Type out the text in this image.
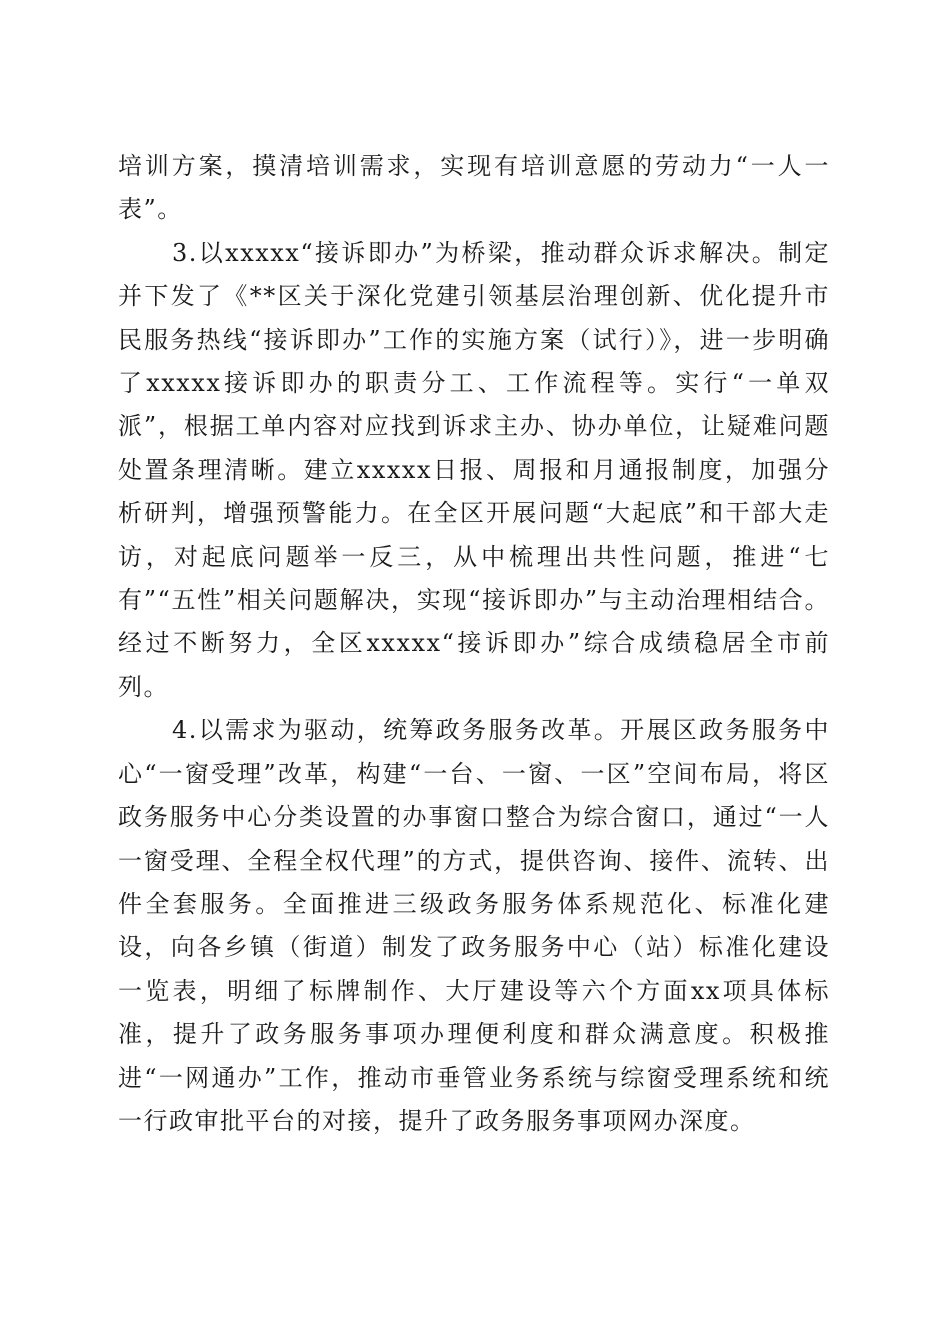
培训方案，摸清培训需求，实现有培训意愿的劳动力“一人一表”。

3.以xxxxx“接诉即办”为桥梁，推动群众诉求解决。制定并下发了《**区关于深化党建引领基层治理创新、优化提升市民服务热线“接诉即办”工作的实施方案（试行）》，进一步明确了xxxxx接诉即办的职责分工、工作流程等。实行“一单双派”，根据工单内容对应找到诉求主办、协办单位，让疑难问题处置条理清晰。建立xxxxx日报、周报和月通报制度，加强分析研判，增强预警能力。在全区开展问题“大起底”和干部大走访，对起底问题举一反三，从中梳理出共性问题，推进“七有”“五性”相关问题解决，实现“接诉即办”与主动治理相结合。经过不断努力，全区xxxxx“接诉即办”综合成绩稳居全市前列。

4.以需求为驱动，统筹政务服务改革。开展区政务服务中心“一窗受理”改革，构建“一台、一窗、一区”空间布局，将区政务服务中心分类设置的办事窗口整合为综合窗口，通过“一人一窗受理、全程全权代理”的方式，提供咨询、接件、流转、出件全套服务。全面推进三级政务服务体系规范化、标准化建设，向各乡镇（街道）制发了政务服务中心（站）标准化建设一览表，明细了标牌制作、大厅建设等六个方面xx项具体标准，提升了政务服务事项办理便利度和群众满意度。积极推进“一网通办”工作，推动市垂管业务系统与综窗受理系统和统一行政审批平台的对接，提升了政务服务事项网办深度。
